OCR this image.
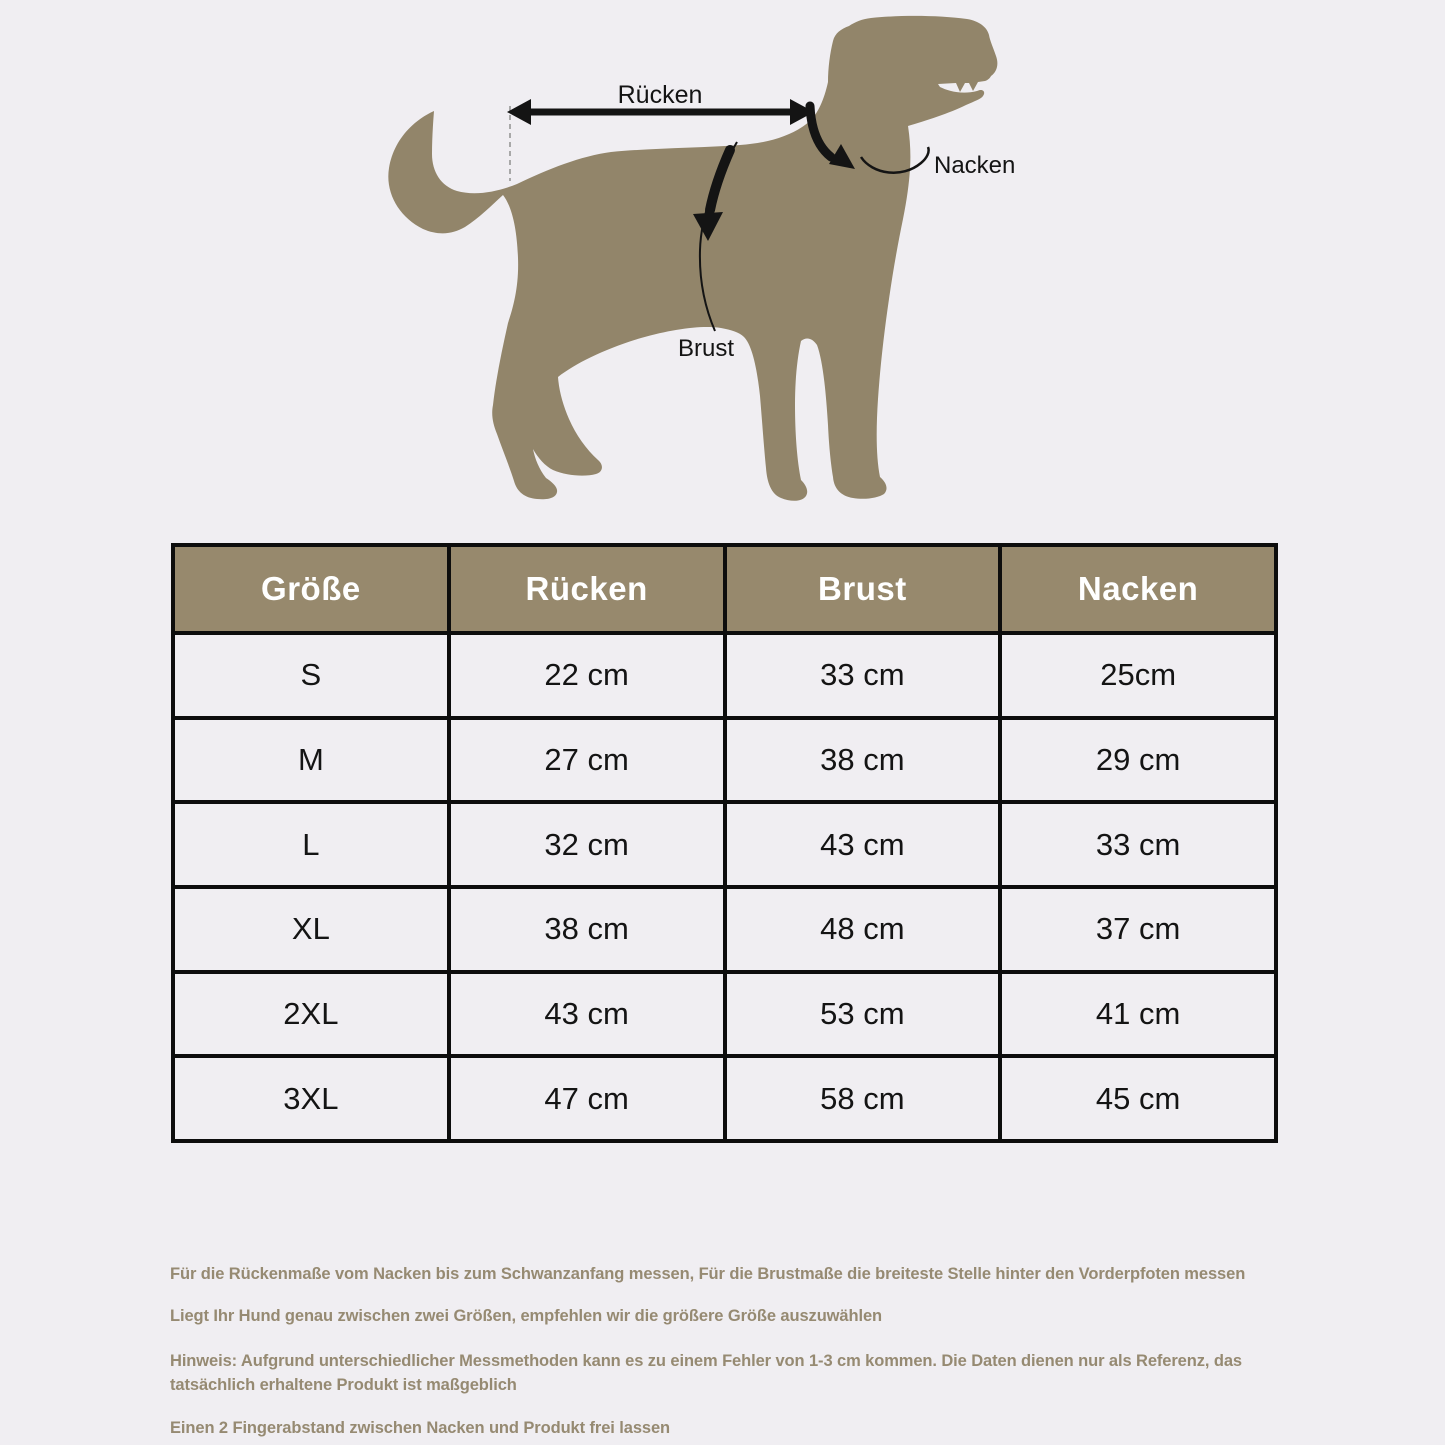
Rücken
Nacken
Brust
Größe	Rücken	Brust	Nacken
S	22 cm	33 cm	25cm
M	27 cm	38 cm	29 cm
L	32 cm	43 cm	33 cm
XL	38 cm	48 cm	37 cm
2XL	43 cm	53 cm	41 cm
3XL	47 cm	58 cm	45 cm
Für die Rückenmaße vom Nacken bis zum Schwanzanfang messen, Für die Brustmaße die breiteste Stelle hinter den Vorderpfoten messen
Liegt Ihr Hund genau zwischen zwei Größen, empfehlen wir die größere Größe auszuwählen
Hinweis: Aufgrund unterschiedlicher Messmethoden kann es zu einem Fehler von 1-3 cm kommen. Die Daten dienen nur als Referenz, das tatsächlich erhaltene Produkt ist maßgeblich
Einen 2 Fingerabstand zwischen Nacken und Produkt frei lassen
